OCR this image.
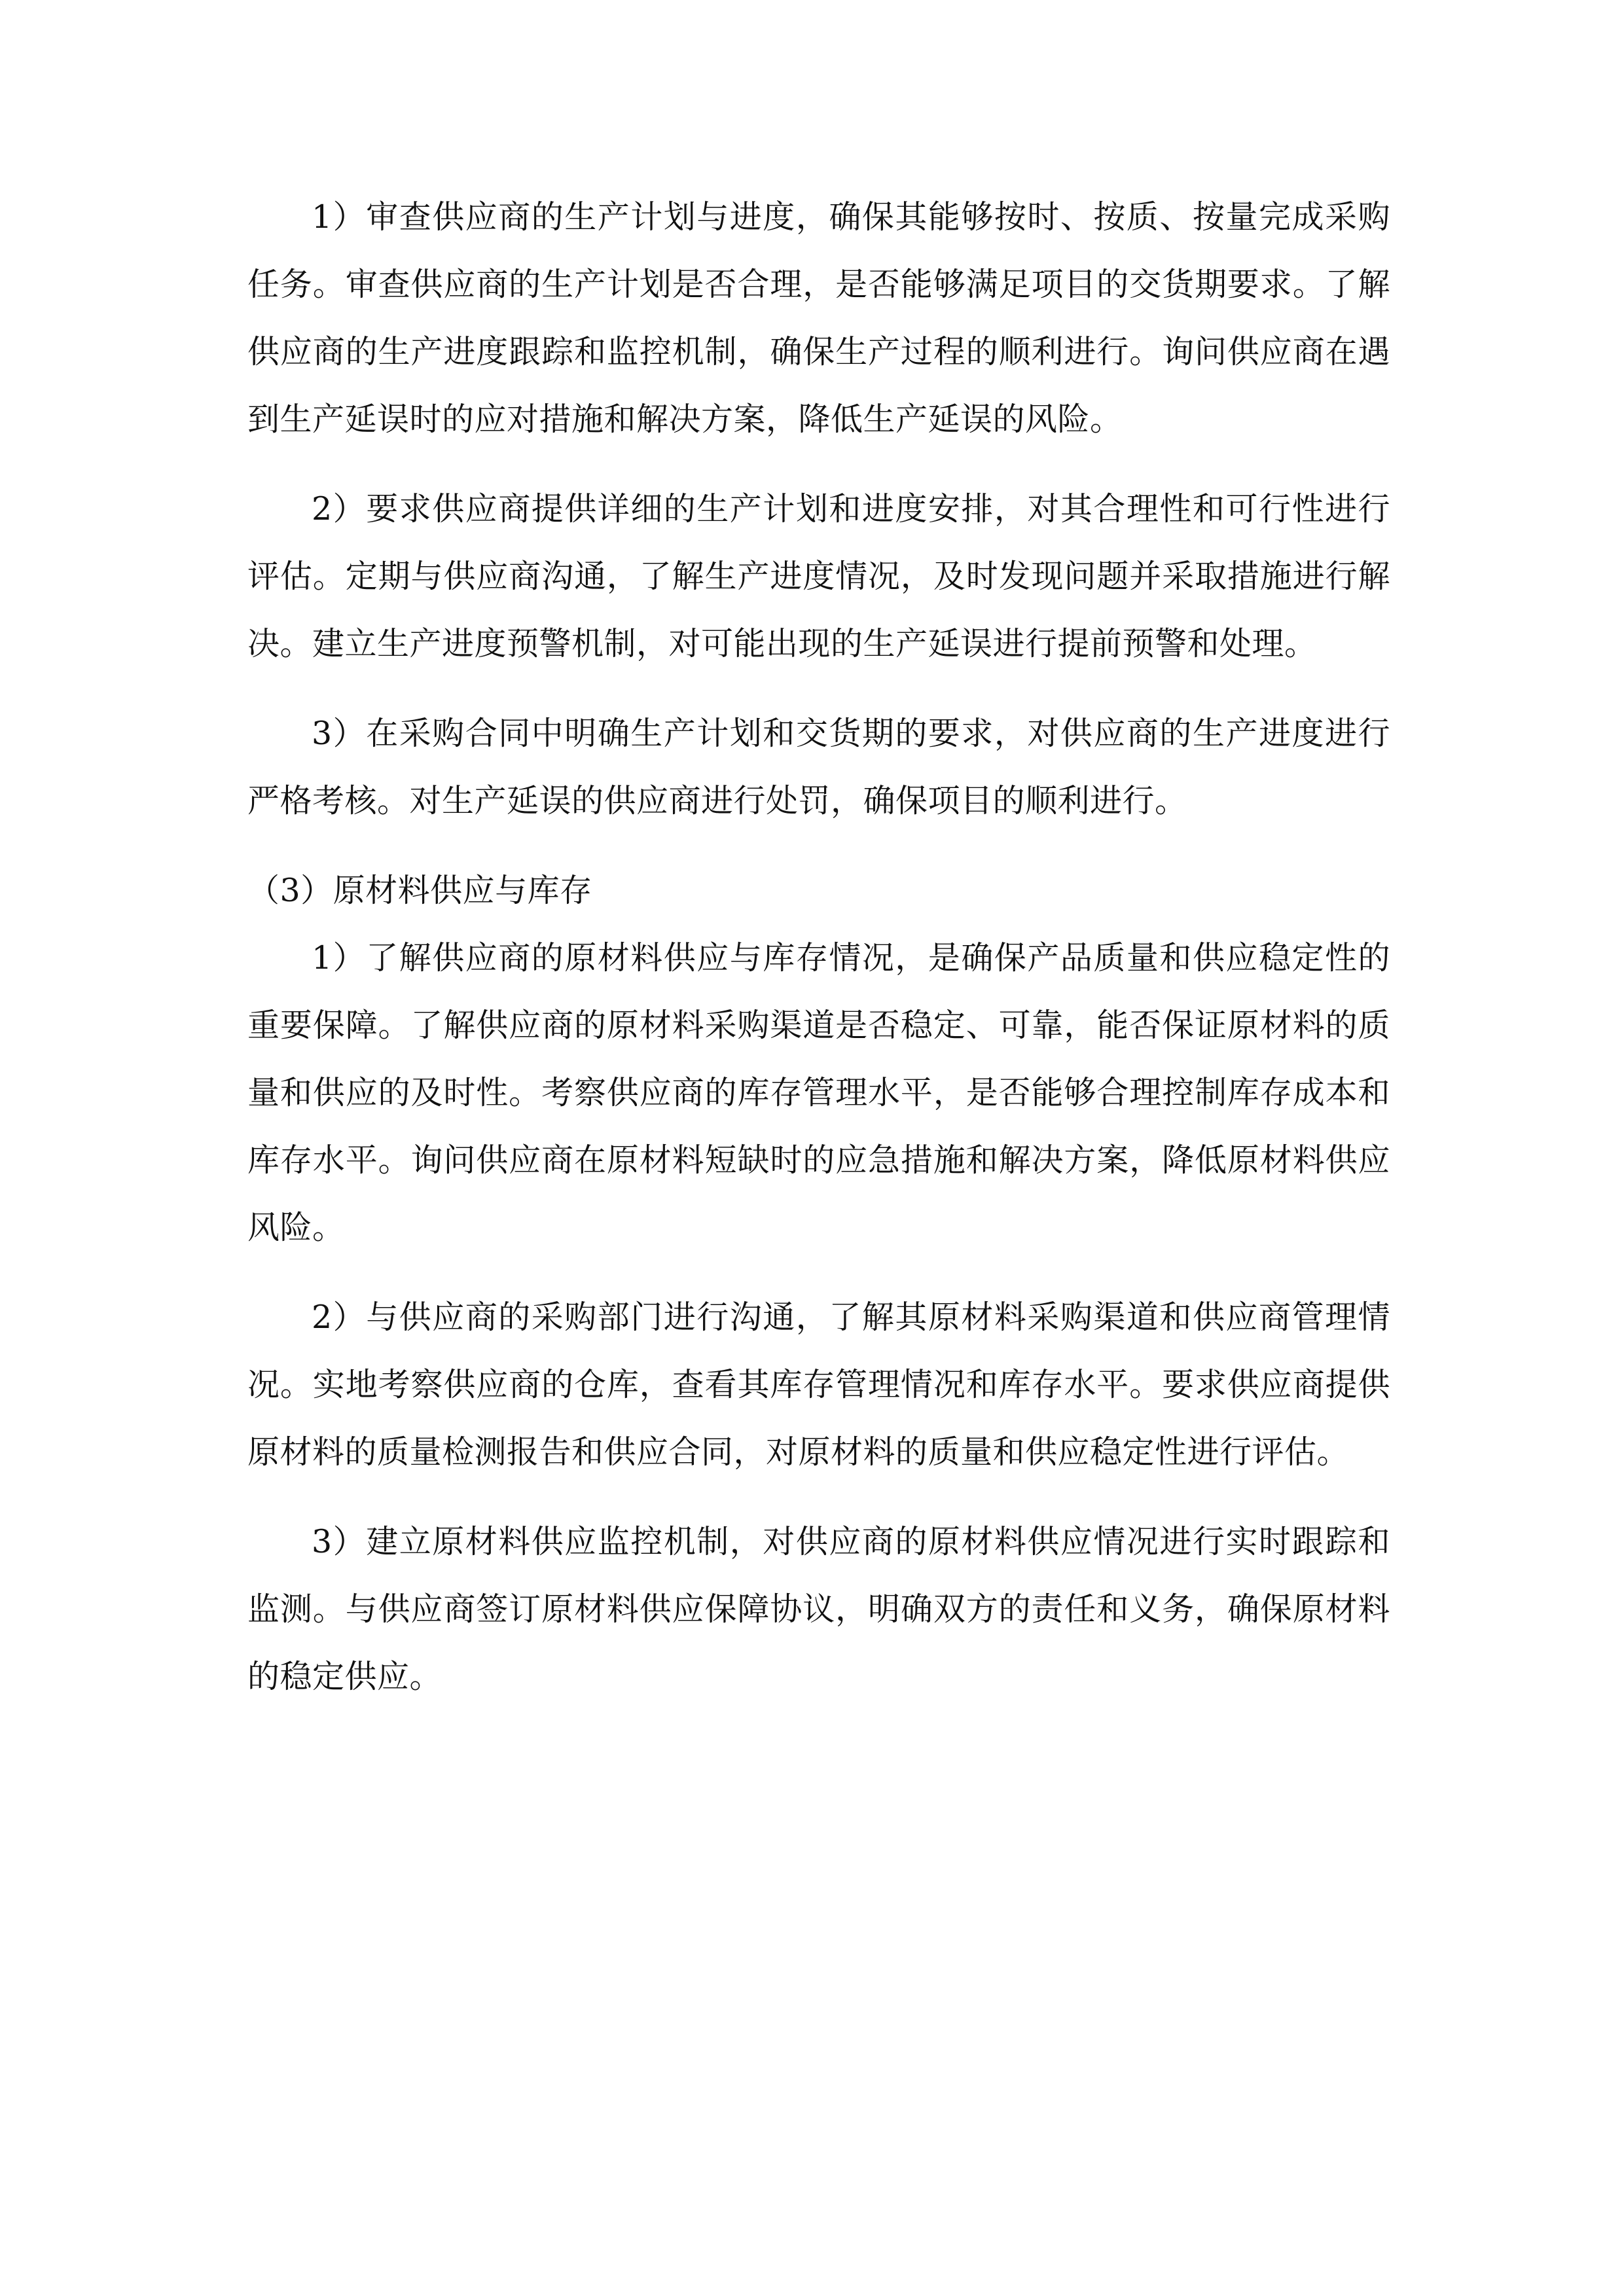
1）审查供应商的生产计划与进度，确保其能够按时、按质、按量完成采购任务。审查供应商的生产计划是否合理，是否能够满足项目的交货期要求。了解供应商的生产进度跟踪和监控机制，确保生产过程的顺利进行。询问供应商在遇到生产延误时的应对措施和解决方案，降低生产延误的风险。

2）要求供应商提供详细的生产计划和进度安排，对其合理性和可行性进行评估。定期与供应商沟通，了解生产进度情况，及时发现问题并采取措施进行解决。建立生产进度预警机制，对可能出现的生产延误进行提前预警和处理。

3）在采购合同中明确生产计划和交货期的要求，对供应商的生产进度进行严格考核。对生产延误的供应商进行处罚，确保项目的顺利进行。

（3）原材料供应与库存

1）了解供应商的原材料供应与库存情况，是确保产品质量和供应稳定性的重要保障。了解供应商的原材料采购渠道是否稳定、可靠，能否保证原材料的质量和供应的及时性。考察供应商的库存管理水平，是否能够合理控制库存成本和库存水平。询问供应商在原材料短缺时的应急措施和解决方案，降低原材料供应风险。

2）与供应商的采购部门进行沟通，了解其原材料采购渠道和供应商管理情况。实地考察供应商的仓库，查看其库存管理情况和库存水平。要求供应商提供原材料的质量检测报告和供应合同，对原材料的质量和供应稳定性进行评估。

3）建立原材料供应监控机制，对供应商的原材料供应情况进行实时跟踪和监测。与供应商签订原材料供应保障协议，明确双方的责任和义务，确保原材料的稳定供应。
